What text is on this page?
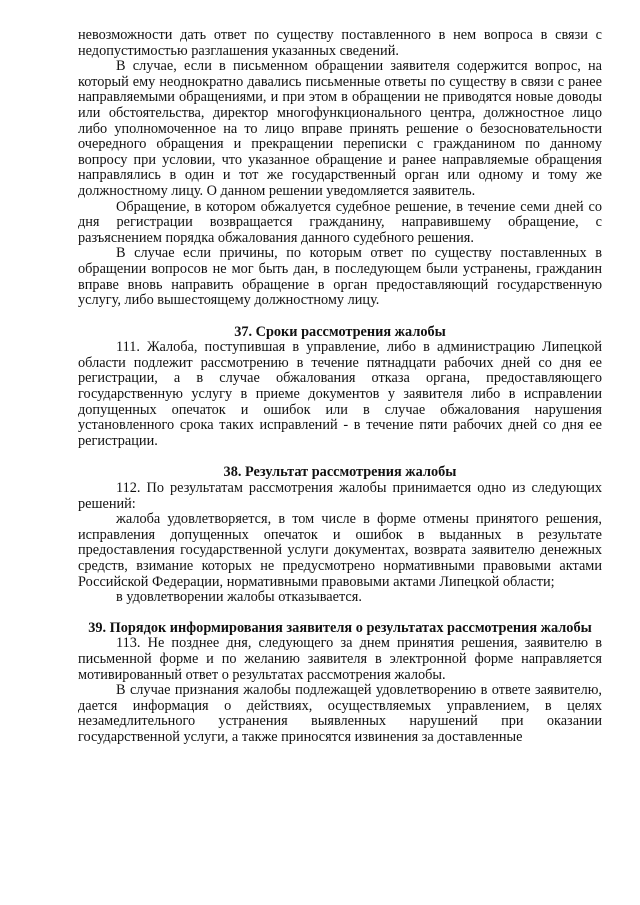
невозможности дать ответ по существу поставленного в нем вопроса в связи с недопустимостью разглашения указанных сведений.

В случае, если в письменном обращении заявителя содержится вопрос, на который ему неоднократно давались письменные ответы по существу в связи с ранее направляемыми обращениями, и при этом в обращении не приводятся новые доводы или обстоятельства, директор многофункционального центра, должностное лицо либо уполномоченное на то лицо вправе принять решение о безосновательности очередного обращения и прекращении переписки с гражданином по данному вопросу при условии, что указанное обращение и ранее направляемые обращения направлялись в один и тот же государственный орган или одному и тому же должностному лицу. О данном решении уведомляется заявитель.

Обращение, в котором обжалуется судебное решение, в течение семи дней со дня регистрации возвращается гражданину, направившему обращение, с разъяснением порядка обжалования данного судебного решения.

В случае если причины, по которым ответ по существу поставленных в обращении вопросов не мог быть дан, в последующем были устранены, гражданин вправе вновь направить обращение в орган предоставляющий государственную услугу, либо вышестоящему должностному лицу.

37. Сроки рассмотрения жалобы

111. Жалоба, поступившая в управление, либо в администрацию Липецкой области подлежит рассмотрению в течение пятнадцати рабочих дней со дня ее регистрации, а в случае обжалования отказа органа, предоставляющего государственную услугу в приеме документов у заявителя либо в исправлении допущенных опечаток и ошибок или в случае обжалования нарушения установленного срока таких исправлений - в течение пяти рабочих дней со дня ее регистрации.

38. Результат рассмотрения жалобы

112. По результатам рассмотрения жалобы принимается одно из следующих решений:

жалоба удовлетворяется, в том числе в форме отмены принятого решения, исправления допущенных опечаток и ошибок в выданных в результате предоставления государственной услуги документах, возврата заявителю денежных средств, взимание которых не предусмотрено нормативными правовыми актами Российской Федерации, нормативными правовыми актами Липецкой области;

в удовлетворении жалобы отказывается.

39. Порядок информирования заявителя о результатах рассмотрения жалобы

113. Не позднее дня, следующего за днем принятия решения, заявителю в письменной форме и по желанию заявителя в электронной форме направляется мотивированный ответ о результатах рассмотрения жалобы.

В случае признания жалобы подлежащей удовлетворению в ответе заявителю, дается информация о действиях, осуществляемых управлением, в целях незамедлительного устранения выявленных нарушений при оказании государственной услуги, а также приносятся извинения за доставленные
